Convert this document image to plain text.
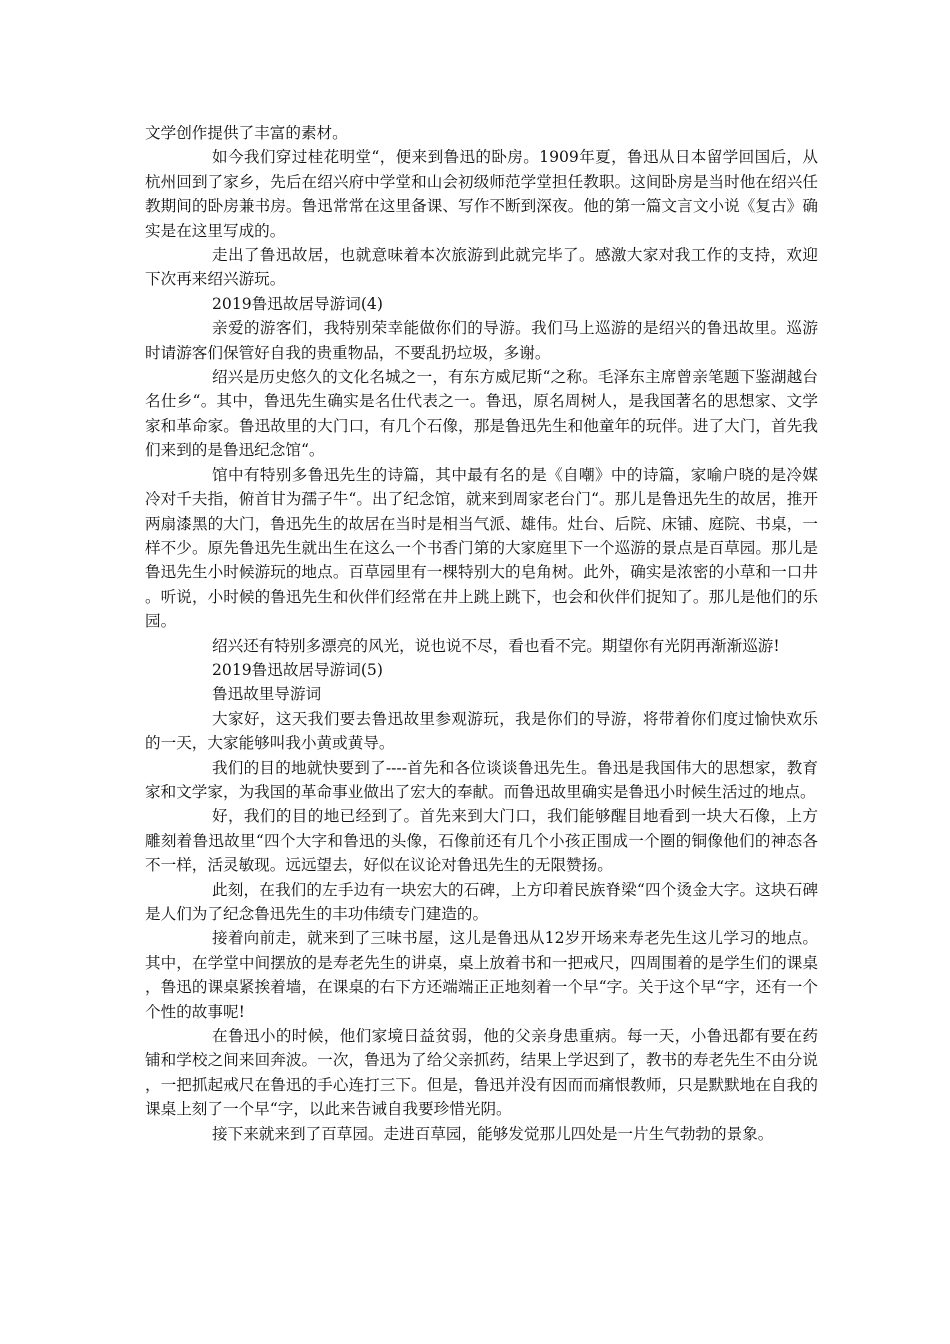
文学创作提供了丰富的素材。

如今我们穿过桂花明堂“，便来到鲁迅的卧房。1909年夏，鲁迅从日本留学回国后，从杭州回到了家乡，先后在绍兴府中学堂和山会初级师范学堂担任教职。这间卧房是当时他在绍兴任教期间的卧房兼书房。鲁迅常常在这里备课、写作不断到深夜。他的第一篇文言文小说《复古》确实是在这里写成的。

走出了鲁迅故居，也就意味着本次旅游到此就完毕了。感激大家对我工作的支持，欢迎下次再来绍兴游玩。

2019鲁迅故居导游词(4)

亲爱的游客们，我特别荣幸能做你们的导游。我们马上巡游的是绍兴的鲁迅故里。巡游时请游客们保管好自我的贵重物品，不要乱扔垃圾，多谢。

绍兴是历史悠久的文化名城之一，有东方威尼斯“之称。毛泽东主席曾亲笔题下鉴湖越台名仕乡“。其中，鲁迅先生确实是名仕代表之一。鲁迅，原名周树人，是我国著名的思想家、文学家和革命家。鲁迅故里的大门口，有几个石像，那是鲁迅先生和他童年的玩伴。进了大门，首先我们来到的是鲁迅纪念馆“。

馆中有特别多鲁迅先生的诗篇，其中最有名的是《自嘲》中的诗篇，家喻户晓的是冷媒冷对千夫指，俯首甘为孺子牛“。出了纪念馆，就来到周家老台门“。那儿是鲁迅先生的故居，推开两扇漆黑的大门，鲁迅先生的故居在当时是相当气派、雄伟。灶台、后院、床铺、庭院、书桌，一样不少。原先鲁迅先生就出生在这么一个书香门第的大家庭里下一个巡游的景点是百草园。那儿是鲁迅先生小时候游玩的地点。百草园里有一棵特别大的皂角树。此外，确实是浓密的小草和一口井。听说，小时候的鲁迅先生和伙伴们经常在井上跳上跳下，也会和伙伴们捉知了。那儿是他们的乐园。

绍兴还有特别多漂亮的风光，说也说不尽，看也看不完。期望你有光阴再渐渐巡游!

2019鲁迅故居导游词(5)

鲁迅故里导游词

大家好，这天我们要去鲁迅故里参观游玩，我是你们的导游，将带着你们度过愉快欢乐的一天，大家能够叫我小黄或黄导。

我们的目的地就快要到了----首先和各位谈谈鲁迅先生。鲁迅是我国伟大的思想家，教育家和文学家，为我国的革命事业做出了宏大的奉献。而鲁迅故里确实是鲁迅小时候生活过的地点。

好，我们的目的地已经到了。首先来到大门口，我们能够醒目地看到一块大石像，上方雕刻着鲁迅故里“四个大字和鲁迅的头像，石像前还有几个小孩正围成一个圈的铜像他们的神态各不一样，活灵敏现。远远望去，好似在议论对鲁迅先生的无限赞扬。

此刻，在我们的左手边有一块宏大的石碑，上方印着民族脊梁“四个烫金大字。这块石碑是人们为了纪念鲁迅先生的丰功伟绩专门建造的。

接着向前走，就来到了三味书屋，这儿是鲁迅从12岁开场来寿老先生这儿学习的地点。其中，在学堂中间摆放的是寿老先生的讲桌，桌上放着书和一把戒尺，四周围着的是学生们的课桌，鲁迅的课桌紧挨着墙，在课桌的右下方还端端正正地刻着一个早“字。关于这个早“字，还有一个个性的故事呢!

在鲁迅小的时候，他们家境日益贫弱，他的父亲身患重病。每一天，小鲁迅都有要在药铺和学校之间来回奔波。一次，鲁迅为了给父亲抓药，结果上学迟到了，教书的寿老先生不由分说，一把抓起戒尺在鲁迅的手心连打三下。但是，鲁迅并没有因而而痛恨教师，只是默默地在自我的课桌上刻了一个早“字，以此来告诫自我要珍惜光阴。

接下来就来到了百草园。走进百草园，能够发觉那儿四处是一片生气勃勃的景象。
